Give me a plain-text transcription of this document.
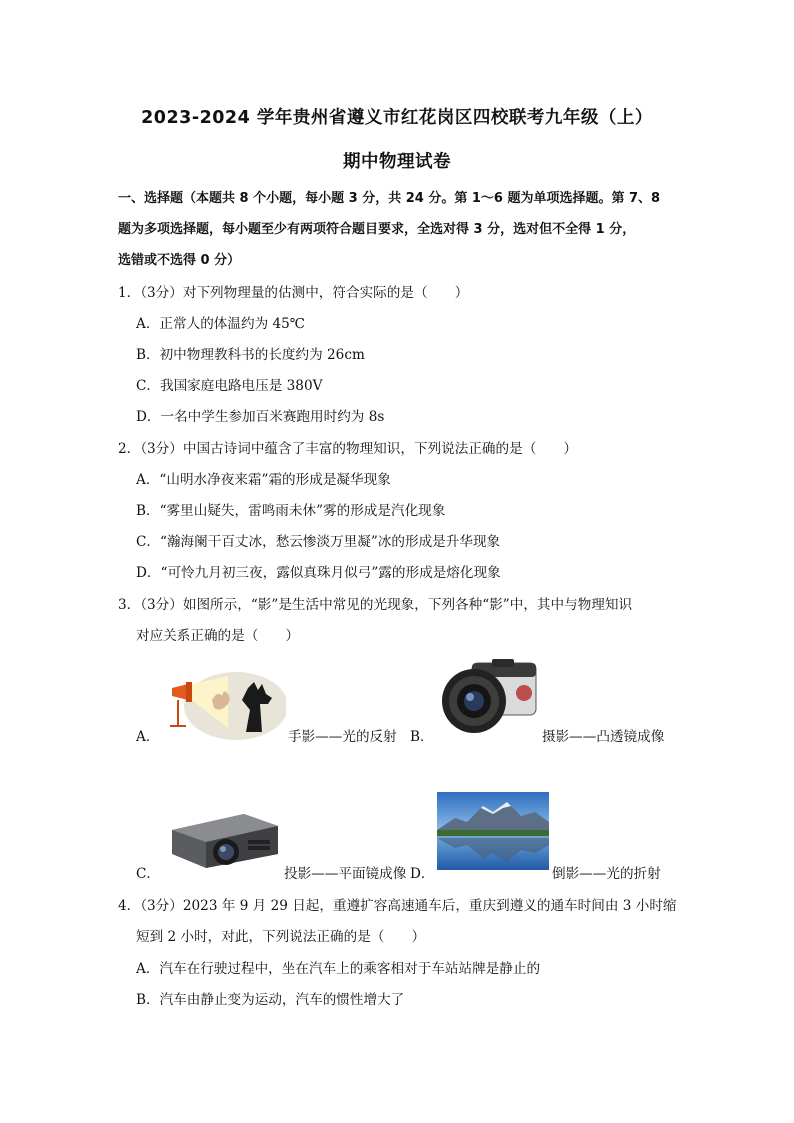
2023-2024 学年贵州省遵义市红花岗区四校联考九年级（上）
期中物理试卷
一、选择题（本题共 8 个小题，每小题 3 分，共 24 分。第 1～6 题为单项选择题。第 7、8
题为多项选择题，每小题至少有两项符合题目要求，全选对得 3 分，选对但不全得 1 分，
选错或不选得 0 分）
1．（3分）对下列物理量的估测中，符合实际的是（　　）
A．正常人的体温约为 45℃
B．初中物理教科书的长度约为 26cm
C．我国家庭电路电压是 380V
D．一名中学生参加百米赛跑用时约为 8s
2．（3分）中国古诗词中蕴含了丰富的物理知识，下列说法正确的是（　　）
A．“山明水净夜来霜”霜的形成是凝华现象
B．“雾里山疑失，雷鸣雨未休”雾的形成是汽化现象
C．“瀚海阑干百丈冰，愁云惨淡万里凝”冰的形成是升华现象
D．“可怜九月初三夜，露似真珠月似弓”露的形成是熔化现象
3．（3分）如图所示，“影”是生活中常见的光现象，下列各种“影”中，其中与物理知识
对应关系正确的是（　　）
A．	手影——光的反射 B．	摄影——凸透镜成像
C．	投影——平面镜成像 D．	倒影——光的折射
4．（3分）2023 年 9 月 29 日起，重遵扩容高速通车后，重庆到遵义的通车时间由 3 小时缩
短到 2 小时，对此，下列说法正确的是（　　）
A．汽车在行驶过程中，坐在汽车上的乘客相对于车站站牌是静止的
B．汽车由静止变为运动，汽车的惯性增大了
